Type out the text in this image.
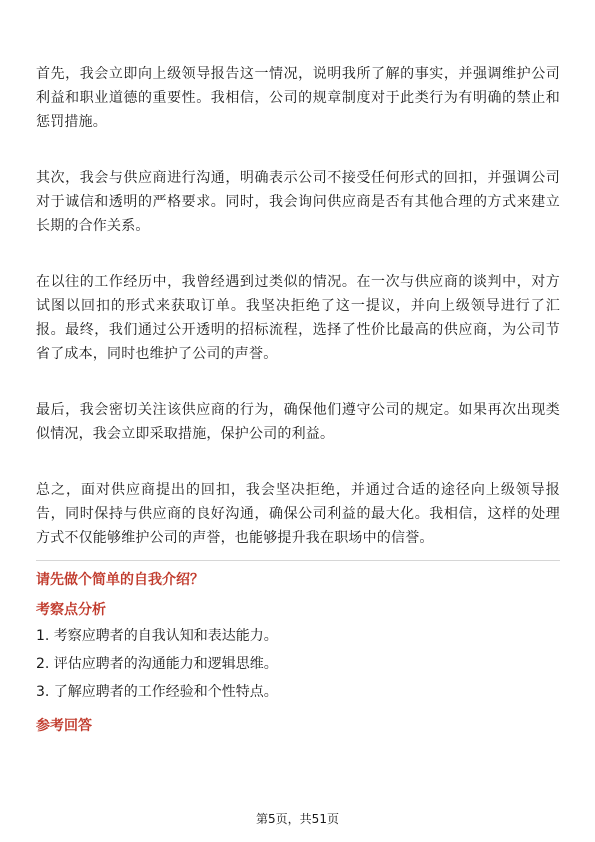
首先，我会立即向上级领导报告这一情况，说明我所了解的事实，并强调维护公司利益和职业道德的重要性。我相信，公司的规章制度对于此类行为有明确的禁止和惩罚措施。

其次，我会与供应商进行沟通，明确表示公司不接受任何形式的回扣，并强调公司对于诚信和透明的严格要求。同时，我会询问供应商是否有其他合理的方式来建立长期的合作关系。

在以往的工作经历中，我曾经遇到过类似的情况。在一次与供应商的谈判中，对方试图以回扣的形式来获取订单。我坚决拒绝了这一提议，并向上级领导进行了汇报。最终，我们通过公开透明的招标流程，选择了性价比最高的供应商，为公司节省了成本，同时也维护了公司的声誉。

最后，我会密切关注该供应商的行为，确保他们遵守公司的规定。如果再次出现类似情况，我会立即采取措施，保护公司的利益。

总之，面对供应商提出的回扣，我会坚决拒绝，并通过合适的途径向上级领导报告，同时保持与供应商的良好沟通，确保公司利益的最大化。我相信，这样的处理方式不仅能够维护公司的声誉，也能够提升我在职场中的信誉。

请先做个简单的自我介绍？
考察点分析
1. 考察应聘者的自我认知和表达能力。
2. 评估应聘者的沟通能力和逻辑思维。
3. 了解应聘者的工作经验和个性特点。
参考回答
第5页，共51页
